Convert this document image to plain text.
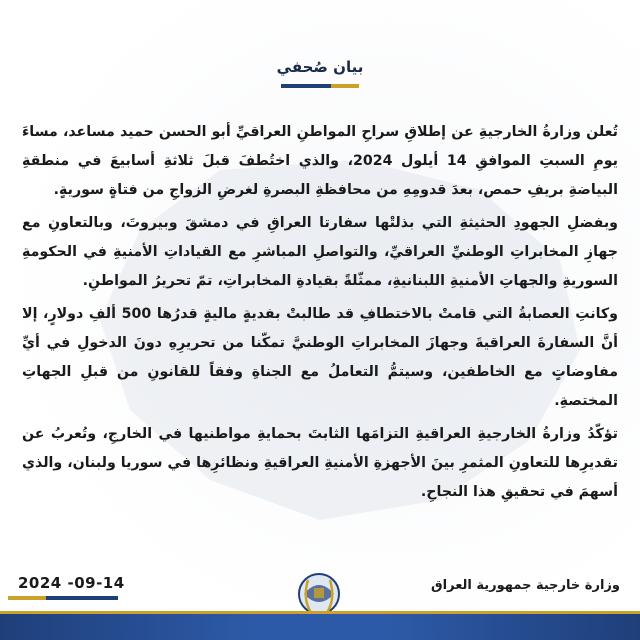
بيان صُحفي

تُعلن وزارةُ الخارجيةِ عن إطلاقِ سراحِ المواطنِ العراقيِّ أبو الحسن حميد مساعد، مساءَ يومِ السبتِ الموافقِ 14 أيلول 2024، والذي اختُطفَ قبلَ ثلاثةِ أسابيعَ في منطقةِ البياضةِ بريفِ حمص، بعدَ قدومِهِ من محافظةِ البصرةِ لغرضِ الزواجِ من فتاةٍ سوريةٍ.

وبفضلِ الجهودِ الحثيثةِ التي بذلتْها سفارتا العراقِ في دمشقَ وبيروتَ، وبالتعاونِ مع جهازِ المخابراتِ الوطنيِّ العراقيِّ، والتواصلِ المباشرِ مع القياداتِ الأمنيةِ في الحكومةِ السوريةِ والجهاتِ الأمنيةِ اللبنانيةِ، ممثّلةً بقيادةِ المخابراتِ، تمّ تحريرُ المواطنِ.

وكانتِ العصابةُ التي قامتْ بالاختطافِ قد طالبتْ بفديةٍ ماليةٍ قدرُها 500 ألفِ دولارٍ، إلا أنَّ السفارةَ العراقيةَ وجهازَ المخابراتِ الوطنيَّ تمكّنا من تحريرِهِ دونَ الدخولِ في أيِّ مفاوضاتٍ مع الخاطفين، وسيتمُّ التعاملُ مع الجناةِ وفقاً للقانونِ من قبلِ الجهاتِ المختصةِ.

تؤكّدُ وزارةُ الخارجيةِ العراقيةِ التزامَها الثابتَ بحمايةِ مواطنيها في الخارجِ، وتُعربُ عن تقديرِها للتعاونِ المثمرِ بينَ الأجهزةِ الأمنيةِ العراقيةِ ونظائرِها في سوريا ولبنان، والذي أسهمَ في تحقيقِ هذا النجاحِ.

2024 -09-14	وزارة خارجية جمهورية العراق
